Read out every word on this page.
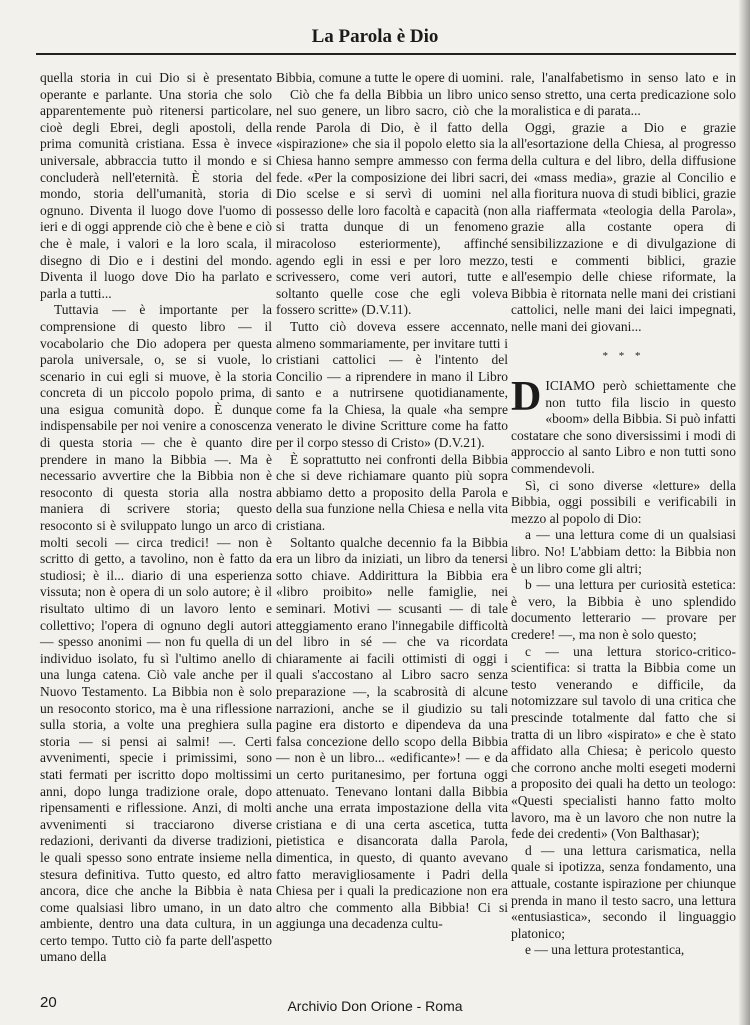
La Parola è Dio

quella storia in cui Dio si è presentato operante e parlante. Una storia che solo apparentemente può ritenersi particolare, cioè degli Ebrei, degli apostoli, della prima comunità cristiana. Essa è invece universale, abbraccia tutto il mondo e si concluderà nell'eternità. È storia del mondo, storia dell'umanità, storia di ognuno. Diventa il luogo dove l'uomo di ieri e di oggi apprende ciò che è bene e ciò che è male, i valori e la loro scala, il disegno di Dio e i destini del mondo. Diventa il luogo dove Dio ha parlato e parla a tutti...

Tuttavia — è importante per la comprensione di questo libro — il vocabolario che Dio adopera per questa parola universale, o, se si vuole, lo scenario in cui egli si muove, è la storia concreta di un piccolo popolo prima, di una esigua comunità dopo. È dunque indispensabile per noi venire a conoscenza di questa storia — che è quanto dire prendere in mano la Bibbia —. Ma è necessario avvertire che la Bibbia non è resoconto di questa storia alla nostra maniera di scrivere storia; questo resoconto si è sviluppato lungo un arco di molti secoli — circa tredici! — non è scritto di getto, a tavolino, non è fatto da studiosi; è il... diario di una esperienza vissuta; non è opera di un solo autore; è il risultato ultimo di un lavoro lento e collettivo; l'opera di ognuno degli autori — spesso anonimi — non fu quella di un individuo isolato, fu sì l'ultimo anello di una lunga catena. Ciò vale anche per il Nuovo Testamento. La Bibbia non è solo un resoconto storico, ma è una riflessione sulla storia, a volte una preghiera sulla storia — si pensi ai salmi! —. Certi avvenimenti, specie i primissimi, sono stati fermati per iscritto dopo moltissimi anni, dopo lunga tradizione orale, dopo ripensamenti e riflessione. Anzi, di molti avvenimenti si tracciarono diverse redazioni, derivanti da diverse tradizioni, le quali spesso sono entrate insieme nella stesura definitiva. Tutto questo, ed altro ancora, dice che anche la Bibbia è nata come qualsiasi libro umano, in un dato ambiente, dentro una data cultura, in un certo tempo. Tutto ciò fa parte dell'aspetto umano della

Bibbia, comune a tutte le opere di uomini.

Ciò che fa della Bibbia un libro unico nel suo genere, un libro sacro, ciò che la rende Parola di Dio, è il fatto della «ispirazione» che sia il popolo eletto sia la Chiesa hanno sempre ammesso con ferma fede. «Per la composizione dei libri sacri, Dio scelse e si servì di uomini nel possesso delle loro facoltà e capacità (non si tratta dunque di un fenomeno miracoloso esteriormente), affinché agendo egli in essi e per loro mezzo, scrivessero, come veri autori, tutte e soltanto quelle cose che egli voleva fossero scritte» (D.V.11).

Tutto ciò doveva essere accennato, almeno sommariamente, per invitare tutti i cristiani cattolici — è l'intento del Concilio — a riprendere in mano il Libro santo e a nutrirsene quotidianamente, come fa la Chiesa, la quale «ha sempre venerato le divine Scritture come ha fatto per il corpo stesso di Cristo» (D.V.21).

È soprattutto nei confronti della Bibbia che si deve richiamare quanto più sopra abbiamo detto a proposito della Parola e della sua funzione nella Chiesa e nella vita cristiana.

Soltanto qualche decennio fa la Bibbia era un libro da iniziati, un libro da tenersi sotto chiave. Addirittura la Bibbia era «libro proibito» nelle famiglie, nei seminari. Motivi — scusanti — di tale atteggiamento erano l'innegabile difficoltà del libro in sé — che va ricordata chiaramente ai facili ottimisti di oggi i quali s'accostano al Libro sacro senza preparazione —, la scabrosità di alcune narrazioni, anche se il giudizio su tali pagine era distorto e dipendeva da una falsa concezione dello scopo della Bibbia — non è un libro... «edificante»! — e da un certo puritanesimo, per fortuna oggi attenuato. Tenevano lontani dalla Bibbia anche una errata impostazione della vita cristiana e di una certa ascetica, tutta pietistica e disancorata dalla Parola, dimentica, in questo, di quanto avevano fatto meravigliosamente i Padri della Chiesa per i quali la predicazione non era altro che commento alla Bibbia! Ci si aggiunga una decadenza cultu-

rale, l'analfabetismo in senso lato e in senso stretto, una certa predicazione solo moralistica e di parata...

Oggi, grazie a Dio e grazie all'esortazione della Chiesa, al progresso della cultura e del libro, della diffusione dei «mass media», grazie al Concilio e alla fioritura nuova di studi biblici, grazie alla riaffermata «teologia della Parola», grazie alla costante opera di sensibilizzazione e di divulgazione di testi e commenti biblici, grazie all'esempio delle chiese riformate, la Bibbia è ritornata nelle mani dei cristiani cattolici, nelle mani dei laici impegnati, nelle mani dei giovani...

* * *

DICIAMO però schiettamente che non tutto fila liscio in questo «boom» della Bibbia. Si può infatti costatare che sono diversissimi i modi di approccio al santo Libro e non tutti sono commendevoli.

Sì, ci sono diverse «letture» della Bibbia, oggi possibili e verificabili in mezzo al popolo di Dio:

a — una lettura come di un qualsiasi libro. No! L'abbiam detto: la Bibbia non è un libro come gli altri;

b — una lettura per curiosità estetica: è vero, la Bibbia è uno splendido documento letterario — provare per credere! —, ma non è solo questo;

c — una lettura storico-critico-scientifica: si tratta la Bibbia come un testo venerando e difficile, da notomizzare sul tavolo di una critica che prescinde totalmente dal fatto che si tratta di un libro «ispirato» e che è stato affidato alla Chiesa; è pericolo questo che corrono anche molti esegeti moderni a proposito dei quali ha detto un teologo: «Questi specialisti hanno fatto molto lavoro, ma è un lavoro che non nutre la fede dei credenti» (Von Balthasar);

d — una lettura carismatica, nella quale si ipotizza, senza fondamento, una attuale, costante ispirazione per chiunque prenda in mano il testo sacro, una lettura «entusiastica», secondo il linguaggio platonico;

e — una lettura protestantica,

20	Archivio Don Orione - Roma
